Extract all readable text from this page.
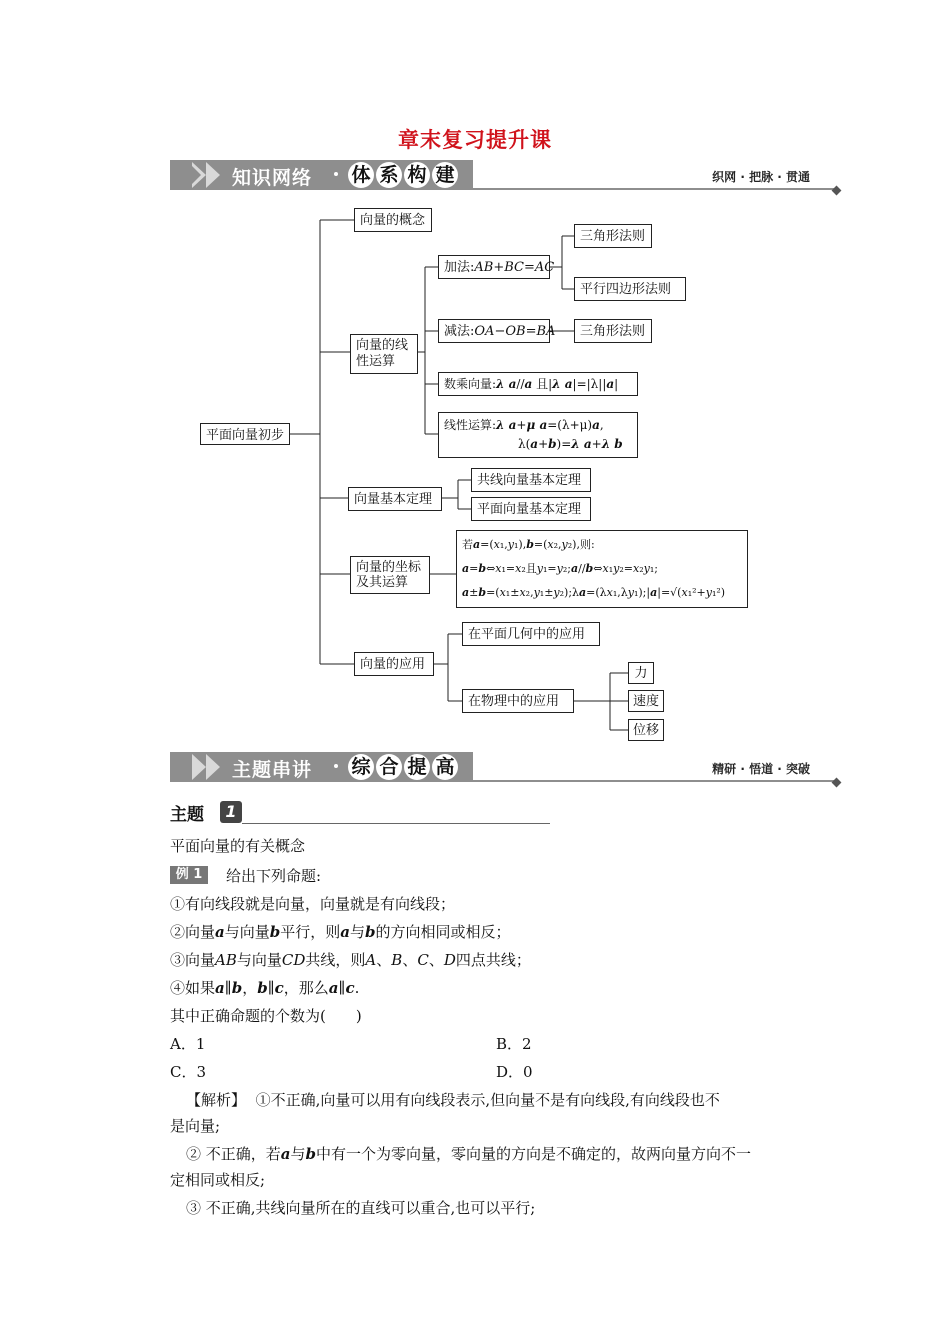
章末复习提升课
知识网络 体 系 构 建	织网 · 把脉 · 贯通
平面向量初步
向量的概念
向量的线
性运算
加法:AB+BC=AC
三角形法则
平行四边形法则
减法:OA−OB=BA	三角形法则
数乘向量:λ a//a 且|λ a|=|λ||a|
线性运算:λ a+μ a=(λ+μ)a,
λ(a+b)=λ a+λ b
向量基本定理
共线向量基本定理
平面向量基本定理
向量的坐标
及其运算
若a=(x₁,y₁),b=(x₂,y₂),则:
a=b⇔x₁=x₂且y₁=y₂;a//b⇔x₁y₂=x₂y₁;
a±b=(x₁±x₂,y₁±y₂);λa=(λx₁,λy₁);|a|=√(x₁²+y₁²)
向量的应用
在平面几何中的应用
在物理中的应用
力
速度
位移
主题串讲 综 合 提 高	精研 · 悟道 · 突破
主题	1
平面向量的有关概念
例 1	给出下列命题:
①有向线段就是向量，向量就是有向线段；
②向量a与向量b平行，则a与b的方向相同或相反；
③向量AB与向量CD共线，则A、B、C、D四点共线；
④如果a∥b，b∥c，那么a∥c.
其中正确命题的个数为(　　)
A．1	B．2
C．3	D．0
【解析】 ①不正确,向量可以用有向线段表示,但向量不是有向线段,有向线段也不
是向量;
② 不正确，若a与b中有一个为零向量，零向量的方向是不确定的，故两向量方向不一
定相同或相反;
③ 不正确,共线向量所在的直线可以重合,也可以平行;
